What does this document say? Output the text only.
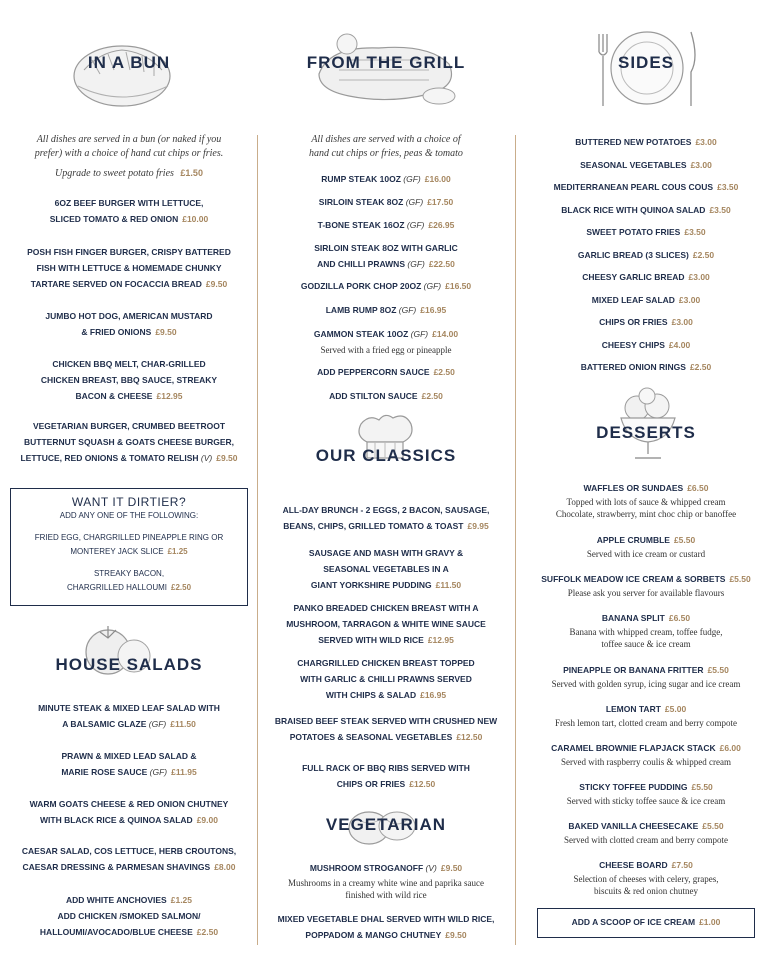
IN A BUN
All dishes are served in a bun (or naked if you prefer) with a choice of hand cut chips or fries.
Upgrade to sweet potato fries £1.50
6OZ BEEF BURGER WITH LETTUCE,
SLICED TOMATO & RED ONION £10.00
POSH FISH FINGER BURGER, CRISPY BATTERED
FISH WITH LETTUCE & HOMEMADE CHUNKY
TARTARE SERVED ON FOCACCIA BREAD £9.50
JUMBO HOT DOG, AMERICAN MUSTARD
& FRIED ONIONS £9.50
CHICKEN BBQ MELT, CHAR-GRILLED
CHICKEN BREAST, BBQ SAUCE, STREAKY
BACON & CHEESE £12.95
VEGETARIAN BURGER, CRUMBED BEETROOT
BUTTERNUT SQUASH & GOATS CHEESE BURGER,
LETTUCE, RED ONIONS & TOMATO RELISH (V) £9.50
WANT IT DIRTIER?
ADD ANY ONE OF THE FOLLOWING:
FRIED EGG, CHARGRILLED PINEAPPLE RING OR
MONTEREY JACK SLICE £1.25
STREAKY BACON,
CHARGRILLED HALLOUMI £2.50
HOUSE SALADS
MINUTE STEAK & MIXED LEAF SALAD WITH
A BALSAMIC GLAZE (GF) £11.50
PRAWN & MIXED LEAD SALAD &
MARIE ROSE SAUCE (GF) £11.95
WARM GOATS CHEESE & RED ONION CHUTNEY
WITH BLACK RICE & QUINOA SALAD £9.00
CAESAR SALAD, COS LETTUCE, HERB CROUTONS,
CAESAR DRESSING & PARMESAN SHAVINGS £8.00
ADD WHITE ANCHOVIES £1.25
ADD CHICKEN /SMOKED SALMON/
HALLOUMI/AVOCADO/BLUE CHEESE £2.50
FROM THE GRILL
All dishes are served with a choice of hand cut chips or fries, peas & tomato
RUMP STEAK 10OZ (GF) £16.00
SIRLOIN STEAK 8OZ (GF) £17.50
T-BONE STEAK 16OZ (GF) £26.95
SIRLOIN STEAK 8OZ WITH GARLIC
AND CHILLI PRAWNS (GF) £22.50
GODZILLA PORK CHOP 20OZ (GF) £16.50
LAMB RUMP 8OZ (GF) £16.95
GAMMON STEAK 10OZ (GF) £14.00
Served with a fried egg or pineapple
ADD PEPPERCORN SAUCE £2.50
ADD STILTON SAUCE £2.50
OUR CLASSICS
ALL-DAY BRUNCH - 2 EGGS, 2 BACON, SAUSAGE,
BEANS, CHIPS, GRILLED TOMATO & TOAST £9.95
SAUSAGE AND MASH WITH GRAVY &
SEASONAL VEGETABLES IN A
GIANT YORKSHIRE PUDDING £11.50
PANKO BREADED CHICKEN BREAST WITH A
MUSHROOM, TARRAGON & WHITE WINE SAUCE
SERVED WITH WILD RICE £12.95
CHARGRILLED CHICKEN BREAST TOPPED
WITH GARLIC & CHILLI PRAWNS SERVED
WITH CHIPS & SALAD £16.95
BRAISED BEEF STEAK SERVED WITH CRUSHED NEW
POTATOES & SEASONAL VEGETABLES £12.50
FULL RACK OF BBQ RIBS SERVED WITH
CHIPS OR FRIES £12.50
VEGETARIAN
MUSHROOM STROGANOFF (V) £9.50
Mushrooms in a creamy white wine and paprika sauce
finished with wild rice
MIXED VEGETABLE DHAL SERVED WITH WILD RICE,
POPPADOM & MANGO CHUTNEY £9.50
SIDES
BUTTERED NEW POTATOES £3.00
SEASONAL VEGETABLES £3.00
MEDITERRANEAN PEARL COUS COUS £3.50
BLACK RICE WITH QUINOA SALAD £3.50
SWEET POTATO FRIES £3.50
GARLIC BREAD (3 SLICES) £2.50
CHEESY GARLIC BREAD £3.00
MIXED LEAF SALAD £3.00
CHIPS OR FRIES £3.00
CHEESY CHIPS £4.00
BATTERED ONION RINGS £2.50
DESSERTS
WAFFLES OR SUNDAES £6.50
Topped with lots of sauce & whipped cream
Chocolate, strawberry, mint choc chip or banoffee
APPLE CRUMBLE £5.50
Served with ice cream or custard
SUFFOLK MEADOW ICE CREAM & SORBETS £5.50
Please ask you server for available flavours
BANANA SPLIT £6.50
Banana with whipped cream, toffee fudge,
toffee sauce & ice cream
PINEAPPLE OR BANANA FRITTER £5.50
Served with golden syrup, icing sugar and ice cream
LEMON TART £5.00
Fresh lemon tart, clotted cream and berry compote
CARAMEL BROWNIE FLAPJACK STACK £6.00
Served with raspberry coulis & whipped cream
STICKY TOFFEE PUDDING £5.50
Served with sticky toffee sauce & ice cream
BAKED VANILLA CHEESECAKE £5.50
Served with clotted cream and berry compote
CHEESE BOARD £7.50
Selection of cheeses with celery, grapes,
biscuits & red onion chutney
ADD A SCOOP OF ICE CREAM £1.00
